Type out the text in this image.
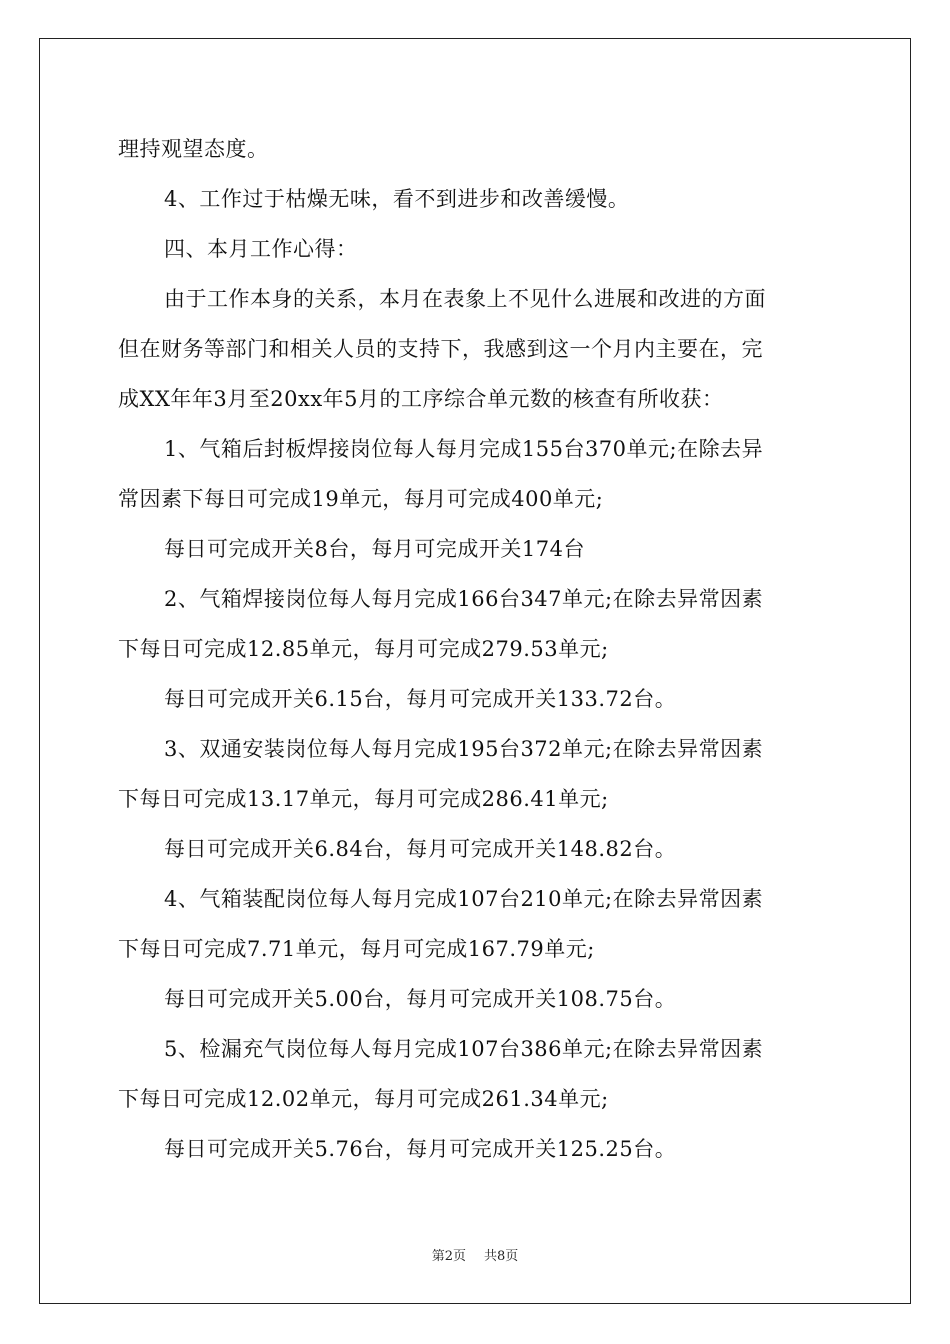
理持观望态度。
4、工作过于枯燥无味，看不到进步和改善缓慢。
四、本月工作心得：
由于工作本身的关系，本月在表象上不见什么进展和改进的方面
但在财务等部门和相关人员的支持下，我感到这一个月内主要在，完
成XX年年3月至20xx年5月的工序综合单元数的核查有所收获：
1、气箱后封板焊接岗位每人每月完成155台370单元;在除去异
常因素下每日可完成19单元，每月可完成400单元;
每日可完成开关8台，每月可完成开关174台
2、气箱焊接岗位每人每月完成166台347单元;在除去异常因素
下每日可完成12.85单元，每月可完成279.53单元;
每日可完成开关6.15台，每月可完成开关133.72台。
3、双通安装岗位每人每月完成195台372单元;在除去异常因素
下每日可完成13.17单元，每月可完成286.41单元;
每日可完成开关6.84台，每月可完成开关148.82台。
4、气箱装配岗位每人每月完成107台210单元;在除去异常因素
下每日可完成7.71单元，每月可完成167.79单元;
每日可完成开关5.00台，每月可完成开关108.75台。
5、检漏充气岗位每人每月完成107台386单元;在除去异常因素
下每日可完成12.02单元，每月可完成261.34单元;
每日可完成开关5.76台，每月可完成开关125.25台。
第2页 共8页
